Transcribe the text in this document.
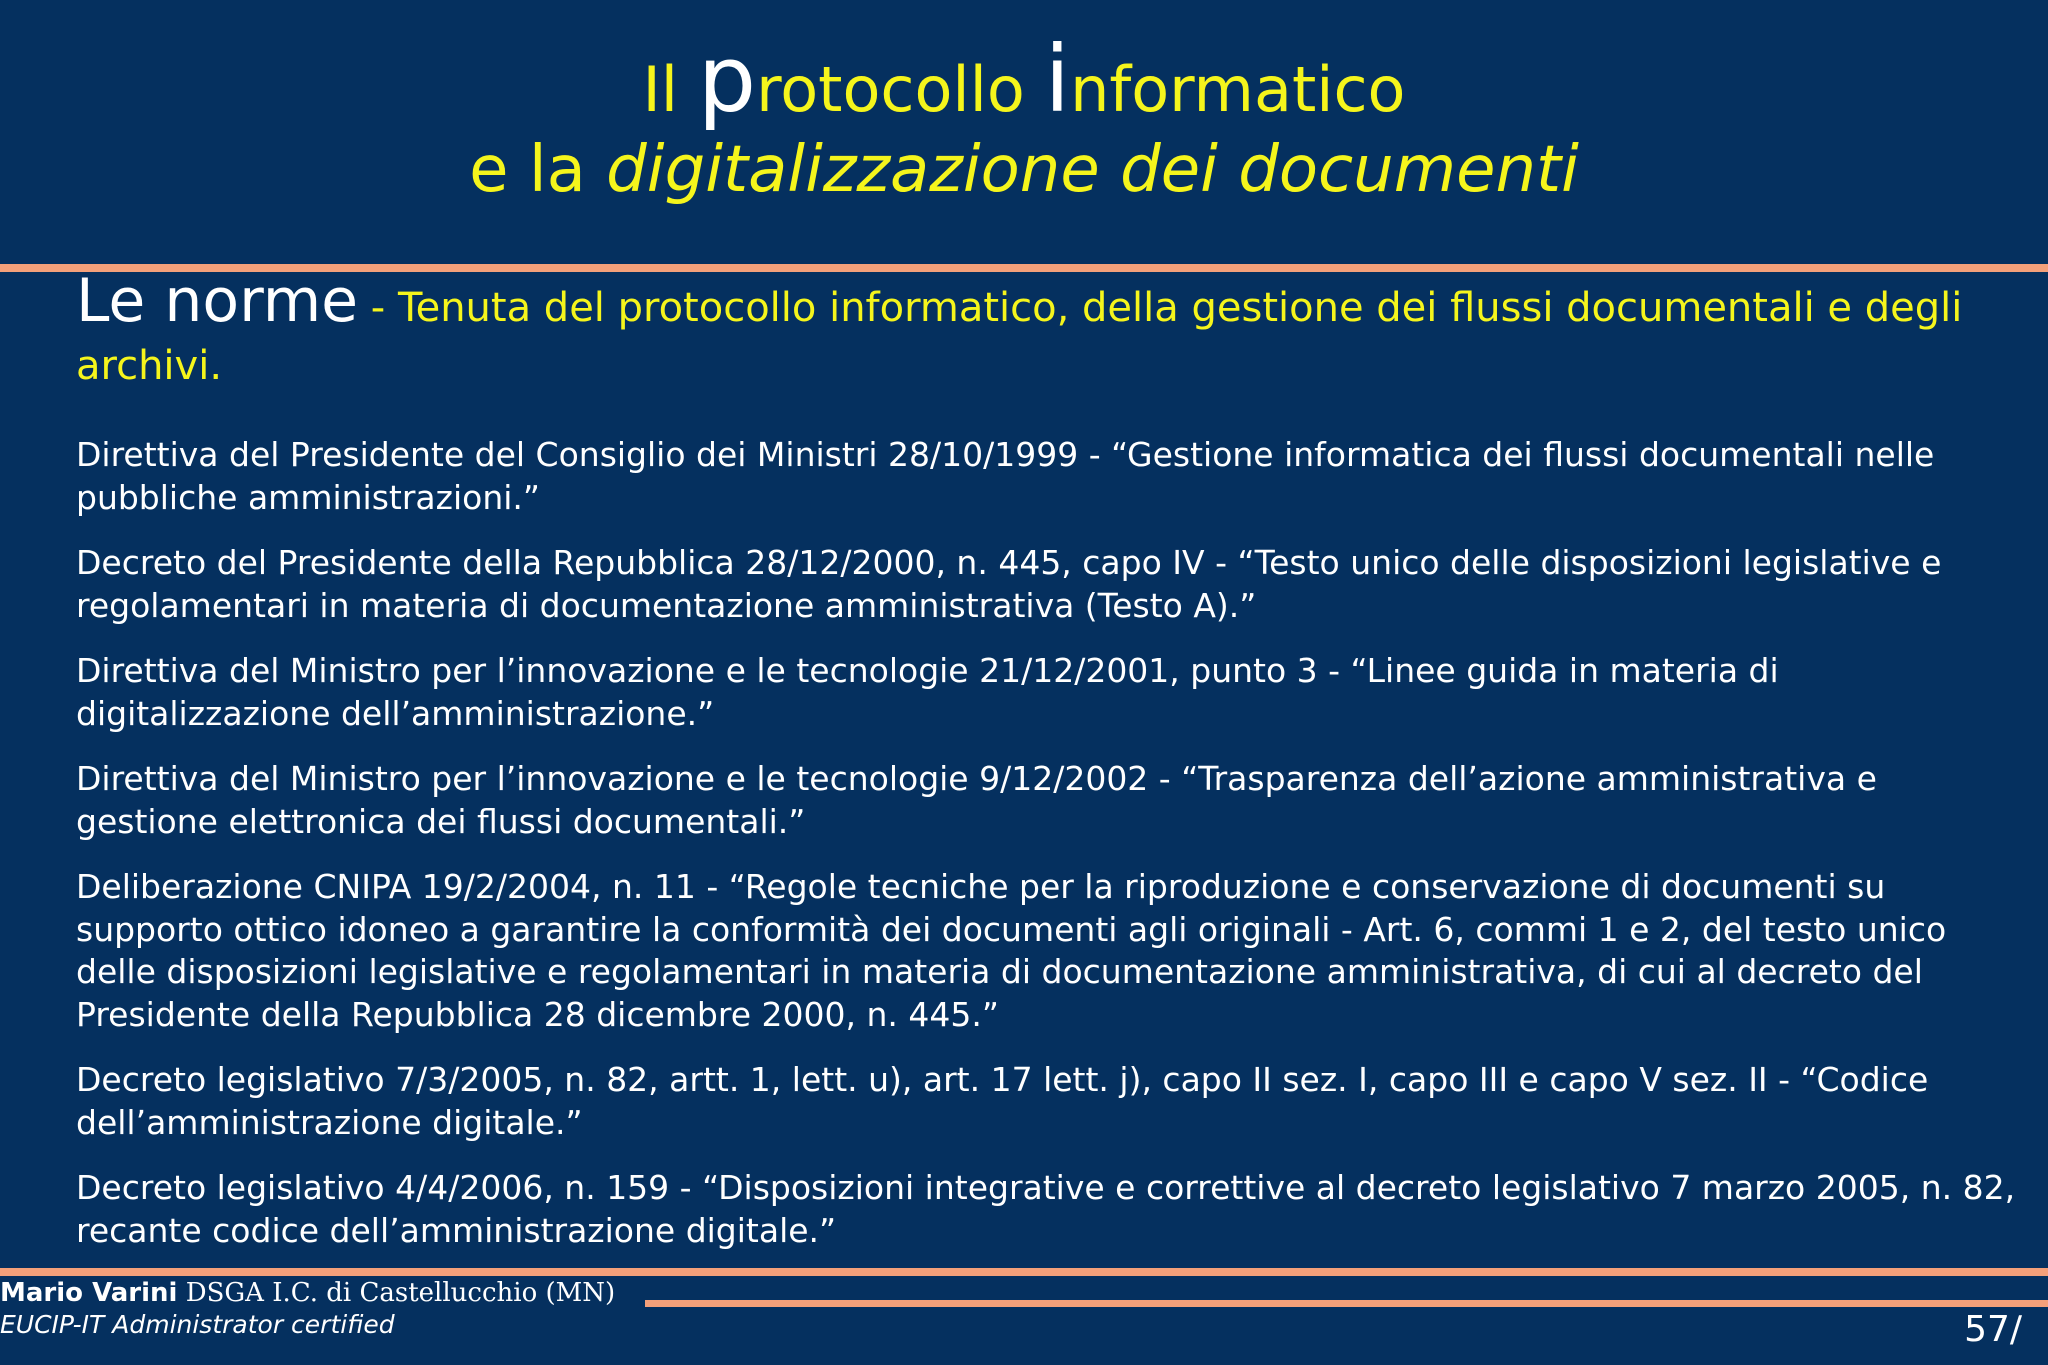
Il protocollo informatico
e la digitalizzazione dei documenti
Le norme - Tenuta del protocollo informatico, della gestione dei flussi documentali e degli archivi.
Direttiva del Presidente del Consiglio dei Ministri 28/10/1999 - “Gestione informatica dei flussi documentali nelle pubbliche amministrazioni.”
Decreto del Presidente della Repubblica 28/12/2000, n. 445, capo IV - “Testo unico delle disposizioni legislative e regolamentari in materia di documentazione amministrativa (Testo A).”
Direttiva del Ministro per l’innovazione e le tecnologie 21/12/2001, punto 3 - “Linee guida in materia di digitalizzazione dell’amministrazione.”
Direttiva del Ministro per l’innovazione e le tecnologie 9/12/2002 - “Trasparenza dell’azione amministrativa e gestione elettronica dei flussi documentali.”
Deliberazione CNIPA 19/2/2004, n. 11 - “Regole tecniche per la riproduzione e conservazione di documenti su supporto ottico idoneo a garantire la conformità dei documenti agli originali - Art. 6, commi 1 e 2, del testo unico delle disposizioni legislative e regolamentari in materia di documentazione amministrativa, di cui al decreto del Presidente della Repubblica 28 dicembre 2000, n. 445.”
Decreto legislativo 7/3/2005, n. 82, artt. 1, lett. u), art. 17 lett. j), capo II sez. I, capo III e capo V sez. II - “Codice dell’amministrazione digitale.”
Decreto legislativo 4/4/2006, n. 159 - “Disposizioni integrative e correttive al decreto legislativo 7 marzo 2005, n. 82, recante codice dell’amministrazione digitale.”
Mario Varini DSGA I.C. di Castellucchio (MN)
EUCIP-IT Administrator certified	57/
